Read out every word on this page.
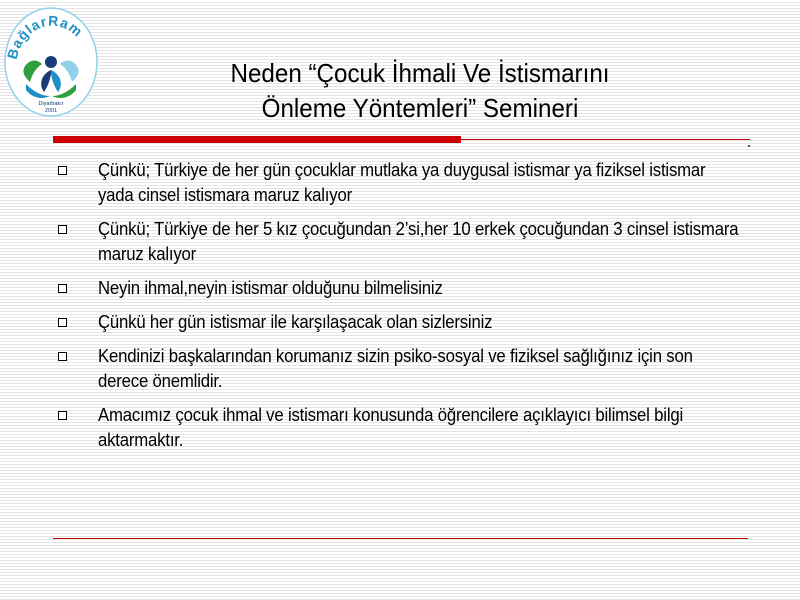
BağlarRam
Diyarbakır
2001
Neden “Çocuk İhmali Ve İstismarını
Önleme Yöntemleri” Semineri
Çünkü; Türkiye de her gün çocuklar mutlaka ya duygusal istismar ya fiziksel istismar yada cinsel istismara maruz kalıyor
Çünkü; Türkiye de her 5 kız çocuğundan 2’si,her 10 erkek çocuğundan 3 cinsel istismara maruz kalıyor
Neyin ihmal,neyin istismar olduğunu bilmelisiniz
Çünkü her gün istismar ile karşılaşacak olan sizlersiniz
Kendinizi başkalarından korumanız sizin psiko-sosyal ve fiziksel sağlığınız için son derece önemlidir.
Amacımız çocuk ihmal ve istismarı konusunda öğrencilere açıklayıcı bilimsel bilgi aktarmaktır.
